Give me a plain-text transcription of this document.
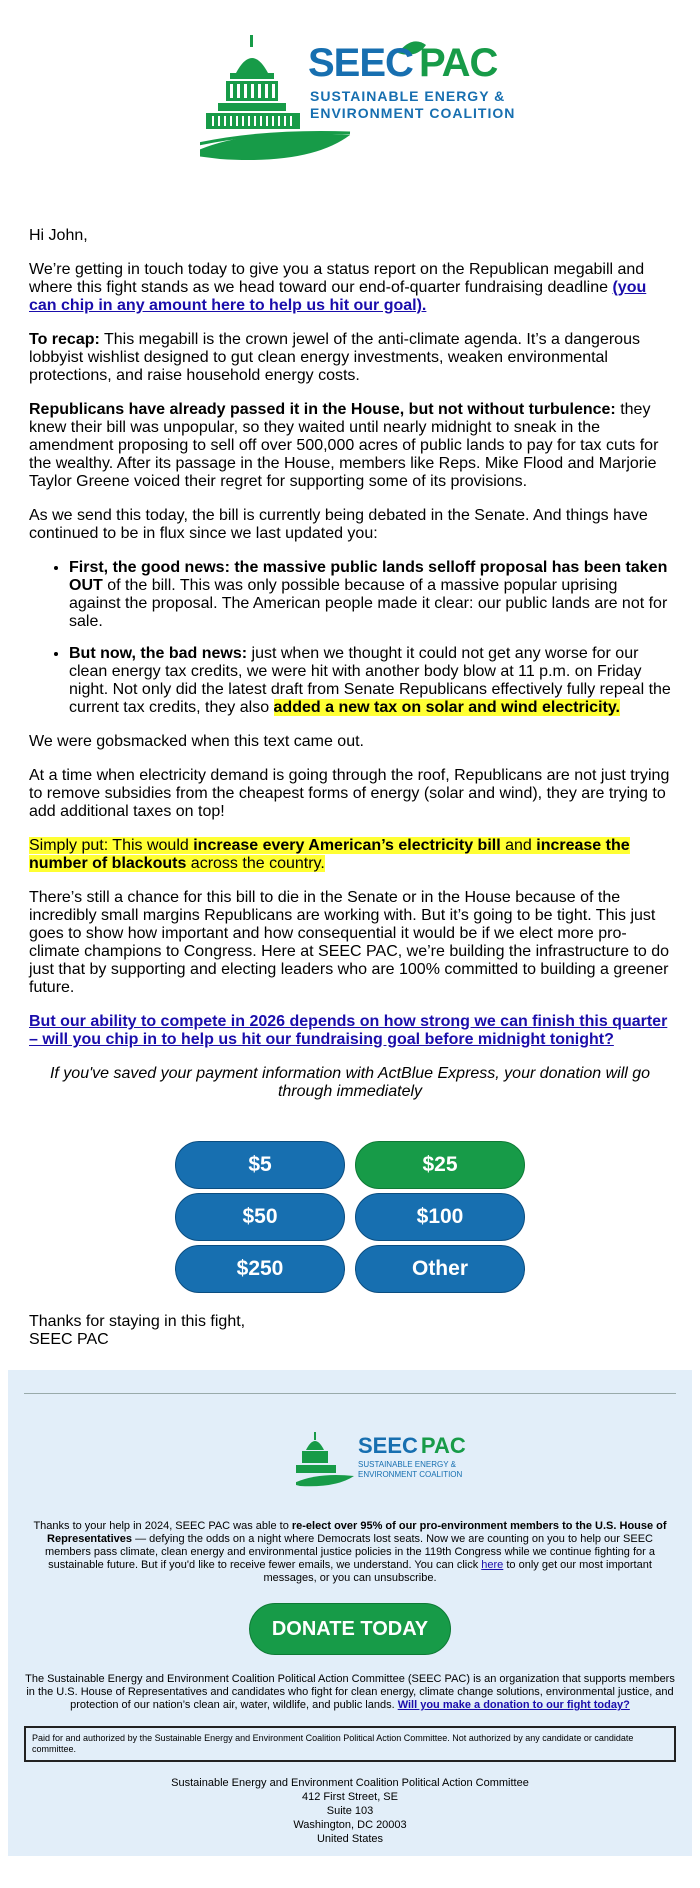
SEEC PAC
SUSTAINABLE ENERGY &
ENVIRONMENT COALITION

Hi John,

We’re getting in touch today to give you a status report on the Republican megabill and where this fight stands as we head toward our end-of-quarter fundraising deadline (you can chip in any amount here to help us hit our goal).

To recap: This megabill is the crown jewel of the anti-climate agenda. It’s a dangerous lobbyist wishlist designed to gut clean energy investments, weaken environmental protections, and raise household energy costs.

Republicans have already passed it in the House, but not without turbulence: they knew their bill was unpopular, so they waited until nearly midnight to sneak in the amendment proposing to sell off over 500,000 acres of public lands to pay for tax cuts for the wealthy. After its passage in the House, members like Reps. Mike Flood and Marjorie Taylor Greene voiced their regret for supporting some of its provisions.

As we send this today, the bill is currently being debated in the Senate. And things have continued to be in flux since we last updated you:

• First, the good news: the massive public lands selloff proposal has been taken OUT of the bill. This was only possible because of a massive popular uprising against the proposal. The American people made it clear: our public lands are not for sale.
• But now, the bad news: just when we thought it could not get any worse for our clean energy tax credits, we were hit with another body blow at 11 p.m. on Friday night. Not only did the latest draft from Senate Republicans effectively fully repeal the current tax credits, they also added a new tax on solar and wind electricity.

We were gobsmacked when this text came out.

At a time when electricity demand is going through the roof, Republicans are not just trying to remove subsidies from the cheapest forms of energy (solar and wind), they are trying to add additional taxes on top!

Simply put: This would increase every American’s electricity bill and increase the number of blackouts across the country.

There’s still a chance for this bill to die in the Senate or in the House because of the incredibly small margins Republicans are working with. But it’s going to be tight. This just goes to show how important and how consequential it would be if we elect more pro-climate champions to Congress. Here at SEEC PAC, we’re building the infrastructure to do just that by supporting and electing leaders who are 100% committed to building a greener future.

But our ability to compete in 2026 depends on how strong we can finish this quarter – will you chip in to help us hit our fundraising goal before midnight tonight?

If you've saved your payment information with ActBlue Express, your donation will go through immediately

$5	$25
$50	$100
$250	Other

Thanks for staying in this fight,
SEEC PAC

SEEC PAC
SUSTAINABLE ENERGY &
ENVIRONMENT COALITION

Thanks to your help in 2024, SEEC PAC was able to re-elect over 95% of our pro-environment members to the U.S. House of Representatives — defying the odds on a night where Democrats lost seats. Now we are counting on you to help our SEEC members pass climate, clean energy and environmental justice policies in the 119th Congress while we continue fighting for a sustainable future. But if you'd like to receive fewer emails, we understand. You can click here to only get our most important messages, or you can unsubscribe.

DONATE TODAY

The Sustainable Energy and Environment Coalition Political Action Committee (SEEC PAC) is an organization that supports members in the U.S. House of Representatives and candidates who fight for clean energy, climate change solutions, environmental justice, and protection of our nation’s clean air, water, wildlife, and public lands. Will you make a donation to our fight today?

Paid for and authorized by the Sustainable Energy and Environment Coalition Political Action Committee. Not authorized by any candidate or candidate committee.
Sustainable Energy and Environment Coalition Political Action Committee
412 First Street, SE
Suite 103
Washington, DC 20003
United States
